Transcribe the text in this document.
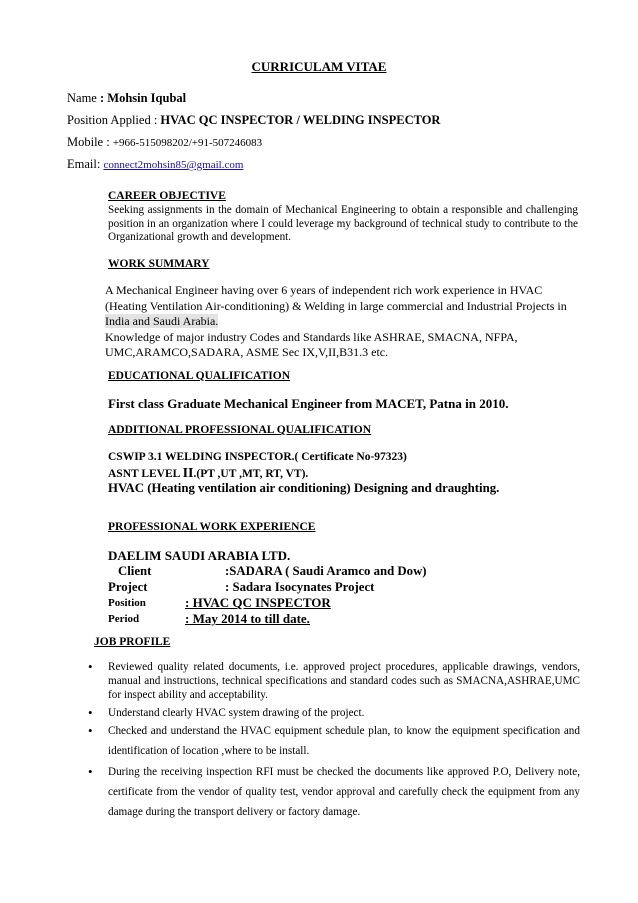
CURRICULAM VITAE
Name : Mohsin Iqubal
Position Applied : HVAC QC INSPECTOR / WELDING INSPECTOR
Mobile : +966-515098202/+91-507246083
Email: connect2mohsin85@gmail.com
CAREER OBJECTIVE
Seeking assignments in the domain of Mechanical Engineering to obtain a responsible and challenging position in an organization where I could leverage my background of technical study to contribute to the Organizational growth and development.
WORK SUMMARY
A Mechanical Engineer having over 6 years of independent rich work experience in HVAC
(Heating Ventilation Air-conditioning) & Welding in large commercial and Industrial Projects in
India and Saudi Arabia.
Knowledge of major industry Codes and Standards like ASHRAE, SMACNA, NFPA,
UMC,ARAMCO,SADARA, ASME Sec IX,V,II,B31.3 etc.
EDUCATIONAL QUALIFICATION
First class Graduate Mechanical Engineer from MACET, Patna in 2010.
ADDITIONAL PROFESSIONAL QUALIFICATION
CSWIP 3.1 WELDING INSPECTOR.( Certificate No-97323)
ASNT LEVEL II.(PT ,UT ,MT, RT, VT).
HVAC (Heating ventilation air conditioning) Designing and draughting.
PROFESSIONAL WORK EXPERIENCE
DAELIM SAUDI ARABIA LTD.
Client	:SADARA ( Saudi Aramco and Dow)
Project	: Sadara Isocynates Project
Position	: HVAC QC INSPECTOR
Period	: May 2014 to till date.
JOB PROFILE
• Reviewed quality related documents, i.e. approved project procedures, applicable drawings, vendors, manual and instructions, technical specifications and standard codes such as SMACNA,ASHRAE,UMC for inspect ability and acceptability.
• Understand clearly HVAC system drawing of the project.
• Checked and understand the HVAC equipment schedule plan, to know the equipment specification and identification of location ,where to be install.
• During the receiving inspection RFI must be checked the documents like approved P.O, Delivery note, certificate from the vendor of quality test, vendor approval and carefully check the equipment from any damage during the transport delivery or factory damage.
